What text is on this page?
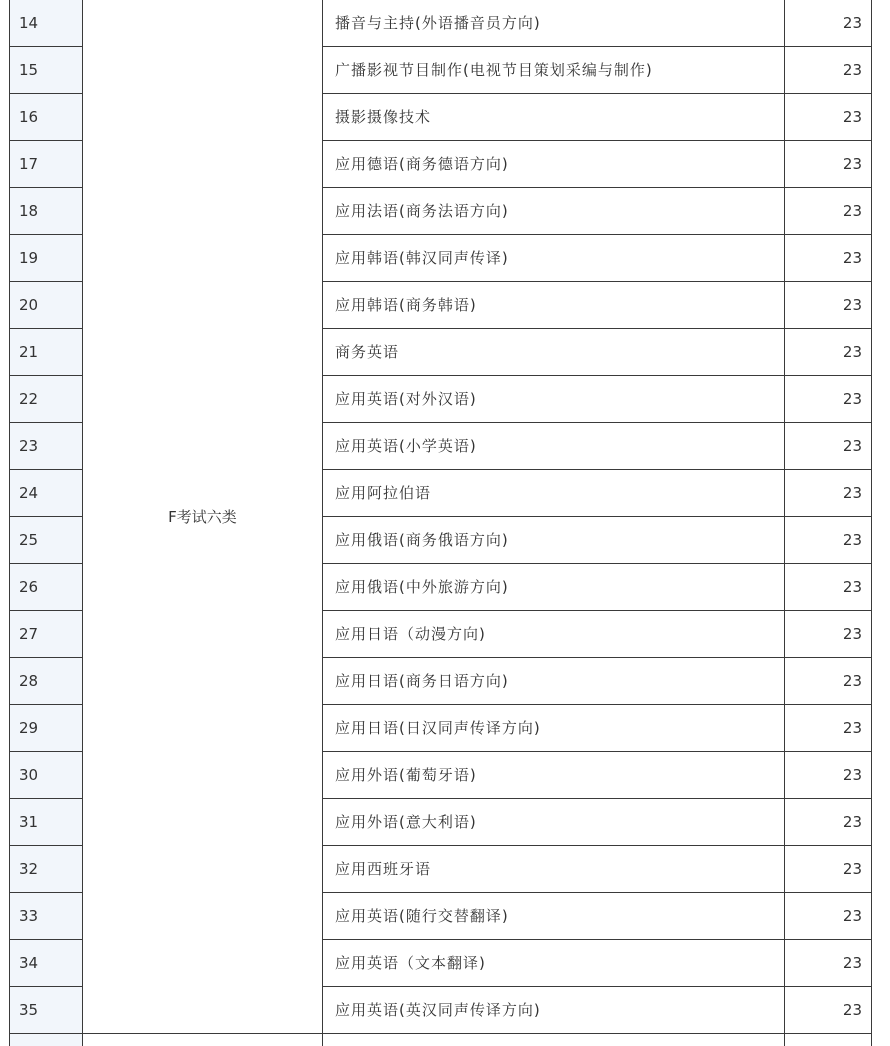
14	F考试六类	播音与主持(外语播音员方向)	23
15		广播影视节目制作(电视节目策划采编与制作)	23
16		摄影摄像技术	23
17		应用德语(商务德语方向)	23
18		应用法语(商务法语方向)	23
19		应用韩语(韩汉同声传译)	23
20		应用韩语(商务韩语)	23
21		商务英语	23
22		应用英语(对外汉语)	23
23		应用英语(小学英语)	23
24		应用阿拉伯语	23
25		应用俄语(商务俄语方向)	23
26		应用俄语(中外旅游方向)	23
27		应用日语（动漫方向)	23
28		应用日语(商务日语方向)	23
29		应用日语(日汉同声传译方向)	23
30		应用外语(葡萄牙语)	23
31		应用外语(意大利语)	23
32		应用西班牙语	23
33		应用英语(随行交替翻译)	23
34		应用英语（文本翻译)	23
35		应用英语(英汉同声传译方向)	23
